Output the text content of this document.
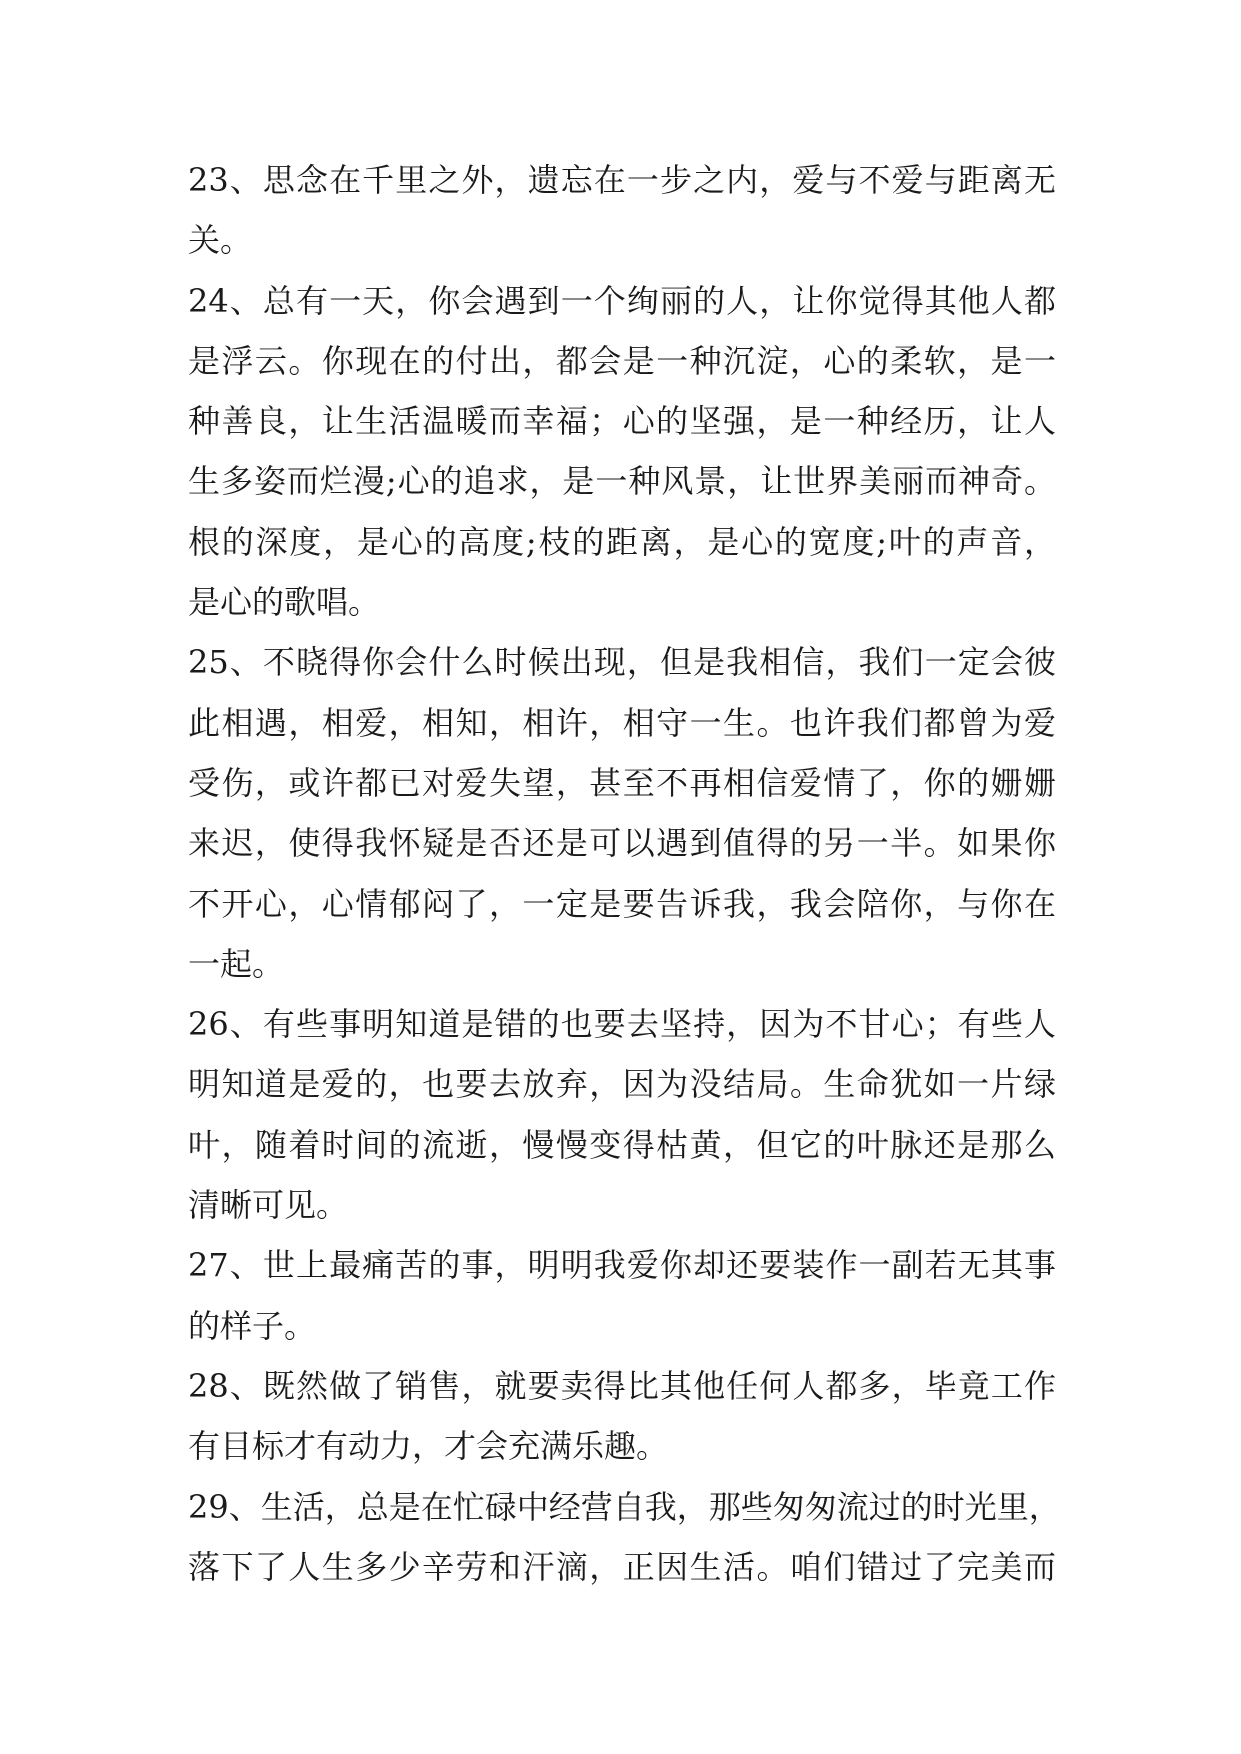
23、思念在千里之外，遗忘在一步之内，爱与不爱与距离无
关。
24、总有一天，你会遇到一个绚丽的人，让你觉得其他人都
是浮云。你现在的付出，都会是一种沉淀，心的柔软，是一
种善良，让生活温暖而幸福；心的坚强，是一种经历，让人
生多姿而烂漫;心的追求，是一种风景，让世界美丽而神奇。
根的深度，是心的高度;枝的距离，是心的宽度;叶的声音，
是心的歌唱。
25、不晓得你会什么时候出现，但是我相信，我们一定会彼
此相遇，相爱，相知，相许，相守一生。也许我们都曾为爱
受伤，或许都已对爱失望，甚至不再相信爱情了，你的姗姗
来迟，使得我怀疑是否还是可以遇到值得的另一半。如果你
不开心，心情郁闷了，一定是要告诉我，我会陪你，与你在
一起。
26、有些事明知道是错的也要去坚持，因为不甘心；有些人
明知道是爱的，也要去放弃，因为没结局。生命犹如一片绿
叶，随着时间的流逝，慢慢变得枯黄，但它的叶脉还是那么
清晰可见。
27、世上最痛苦的事，明明我爱你却还要装作一副若无其事
的样子。
28、既然做了销售，就要卖得比其他任何人都多，毕竟工作
有目标才有动力，才会充满乐趣。
29、生活，总是在忙碌中经营自我，那些匆匆流过的时光里，
落下了人生多少辛劳和汗滴，正因生活。咱们错过了完美而
